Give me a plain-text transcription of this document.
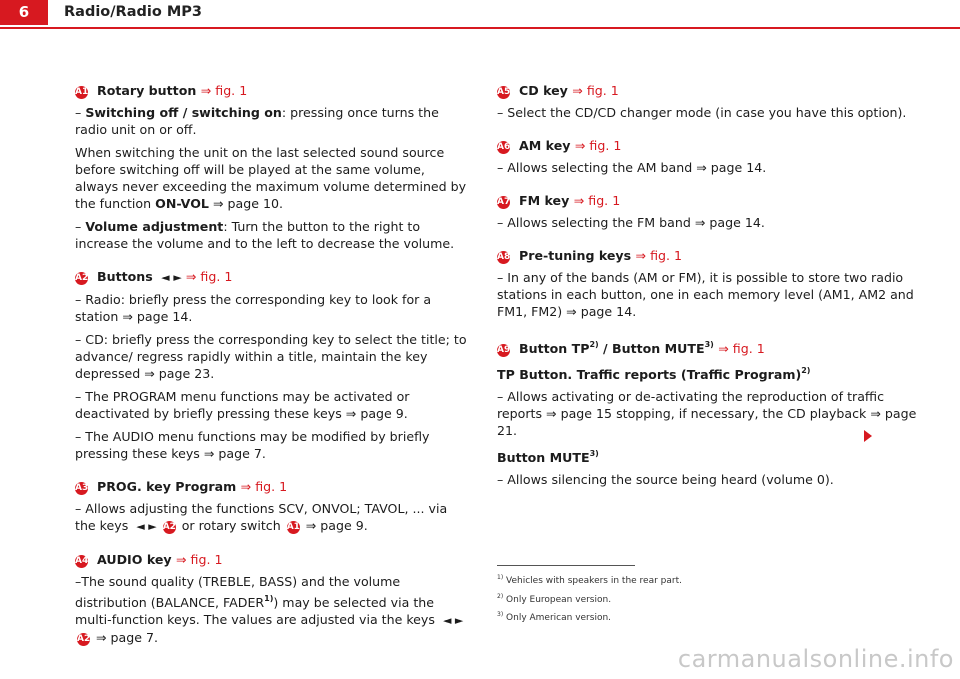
6	Radio/Radio MP3
A1 Rotary button ⇒ fig. 1

– Switching off / switching on: pressing once turns the radio unit on or off.

When switching the unit on the last selected sound source before switching off will be played at the same volume, always never exceeding the maximum volume determined by the function ON-VOL ⇒ page 10.

– Volume adjustment: Turn the button to the right to increase the volume and to the left to decrease the volume.

A2 Buttons ◄ ► ⇒ fig. 1

– Radio: briefly press the corresponding key to look for a station ⇒ page 14.

– CD: briefly press the corresponding key to select the title; to advance/ regress rapidly within a title, maintain the key depressed ⇒ page 23.

– The PROGRAM menu functions may be activated or deactivated by briefly pressing these keys ⇒ page 9.

– The AUDIO menu functions may be modified by briefly pressing these keys ⇒ page 7.

A3 PROG. key Program ⇒ fig. 1

– Allows adjusting the functions SCV, ONVOL; TAVOL, ... via the keys ◄ ► A2 or rotary switch A1 ⇒ page 9.

A4 AUDIO key ⇒ fig. 1

–The sound quality (TREBLE, BASS) and the volume distribution (BALANCE, FADER$^{1)}$) may be selected via the multi-function keys. The values are adjusted via the keys ◄ ►A2 ⇒ page 7.

A5 CD key ⇒ fig. 1

– Select the CD/CD changer mode (in case you have this option).

A6 AM key ⇒ fig. 1

– Allows selecting the AM band ⇒ page 14.

A7 FM key ⇒ fig. 1

– Allows selecting the FM band ⇒ page 14.

A8 Pre-tuning keys ⇒ fig. 1

– In any of the bands (AM or FM), it is possible to store two radio stations in each button, one in each memory level (AM1, AM2 and FM1, FM2) ⇒ page 14.

A9 Button TP$^{2)}$ / Button MUTE$^{3)}$ ⇒ fig. 1
TP Button. Traffic reports (Traffic Program)$^{2)}$

– Allows activating or de-activating the reproduction of traffic reports ⇒ page 15 stopping, if necessary, the CD playback ⇒ page 21.

Button MUTE$^{3)}$

– Allows silencing the source being heard (volume 0).

$^{1)}$ Vehicles with speakers in the rear part.
$^{2)}$ Only European version.
$^{3)}$ Only American version.
carmanualsonline.info
